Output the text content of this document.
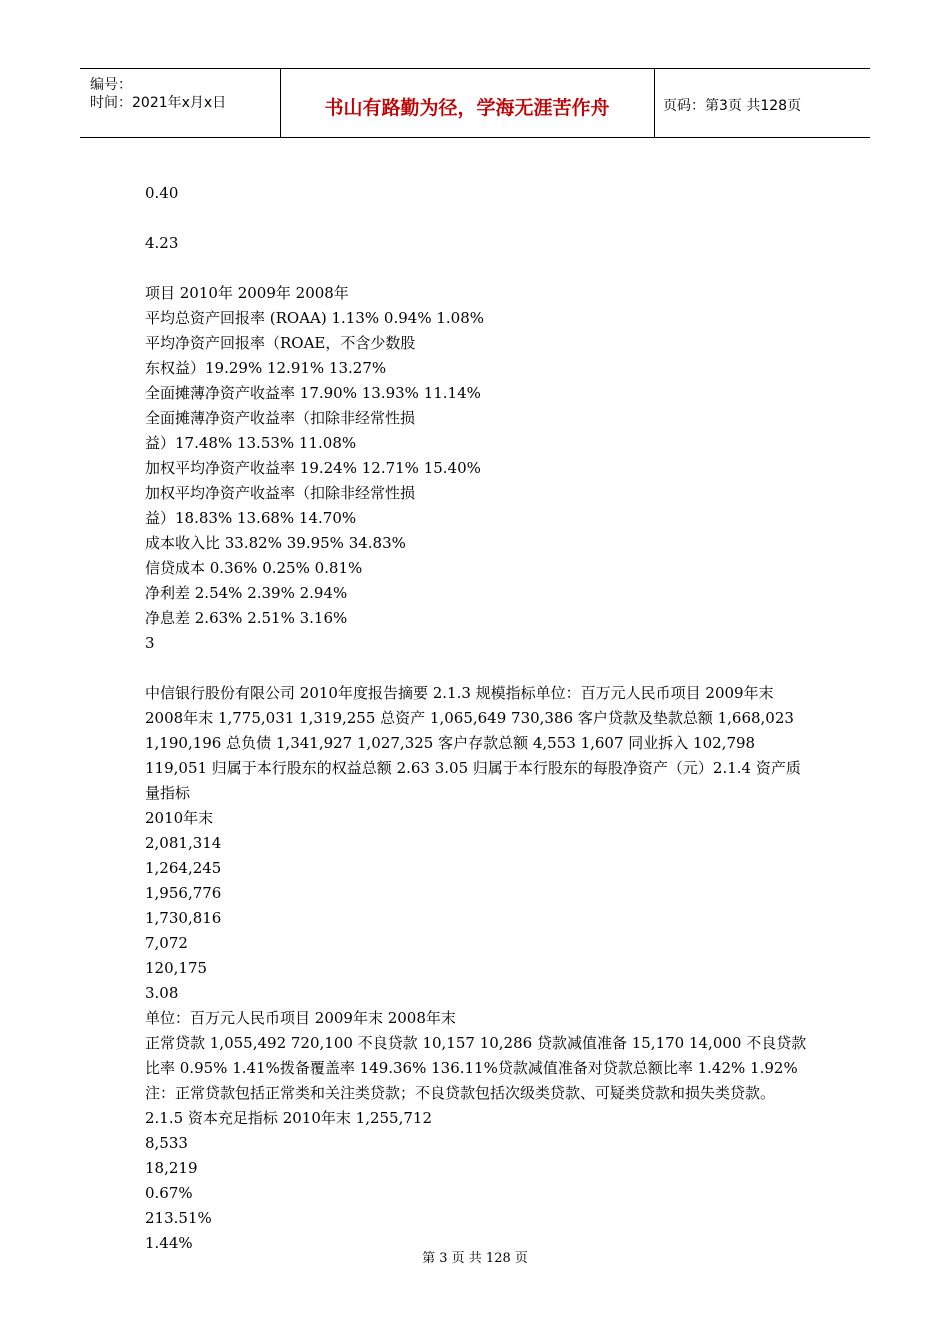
编号：
时间：2021年x月x日	书山有路勤为径，学海无涯苦作舟	页码：第3页 共128页
0.40
4.23
项目 2010年 2009年 2008年
平均总资产回报率 (ROAA) 1.13% 0.94% 1.08%
平均净资产回报率（ROAE，不含少数股
东权益）19.29% 12.91% 13.27%
全面摊薄净资产收益率 17.90% 13.93% 11.14%
全面摊薄净资产收益率（扣除非经常性损
益）17.48% 13.53% 11.08%
加权平均净资产收益率 19.24% 12.71% 15.40%
加权平均净资产收益率（扣除非经常性损
益）18.83% 13.68% 14.70%
成本收入比 33.82% 39.95% 34.83%
信贷成本 0.36% 0.25% 0.81%
净利差 2.54% 2.39% 2.94%
净息差 2.63% 2.51% 3.16%
3
中信银行股份有限公司 2010年度报告摘要 2.1.3 规模指标单位：百万元人民币项目 2009年末 2008年末 1,775,031 1,319,255 总资产 1,065,649 730,386 客户贷款及垫款总额 1,668,023 1,190,196 总负债 1,341,927 1,027,325 客户存款总额 4,553 1,607 同业拆入 102,798 119,051 归属于本行股东的权益总额 2.63 3.05 归属于本行股东的每股净资产（元）2.1.4 资产质量指标
2010年末
2,081,314
1,264,245
1,956,776
1,730,816
7,072
120,175
3.08
单位：百万元人民币项目 2009年末 2008年末
正常贷款 1,055,492 720,100 不良贷款 10,157 10,286 贷款减值准备 15,170 14,000 不良贷款比率 0.95% 1.41%拨备覆盖率 149.36% 136.11%贷款减值准备对贷款总额比率 1.42% 1.92%注：正常贷款包括正常类和关注类贷款；不良贷款包括次级类贷款、可疑类贷款和损失类贷款。
2.1.5 资本充足指标 2010年末 1,255,712
8,533
18,219
0.67%
213.51%
1.44%
第 3 页 共 128 页
